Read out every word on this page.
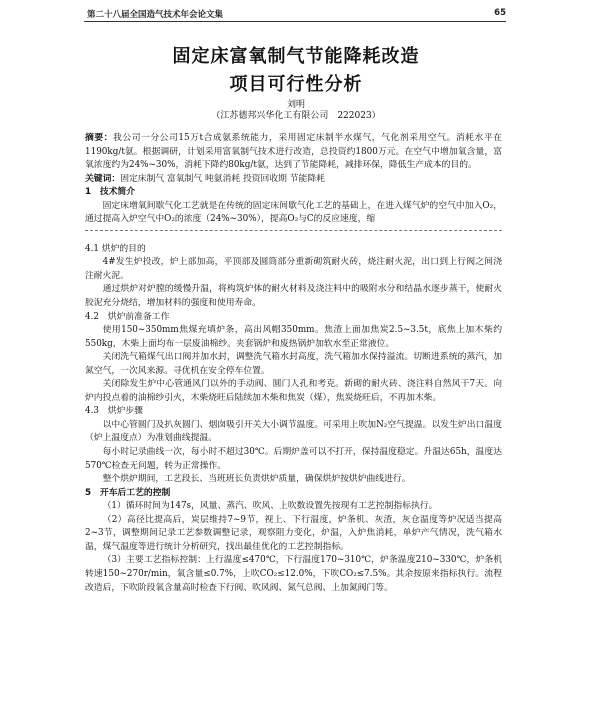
第二十八届全国造气技术年会论文集	65
固定床富氧制气节能降耗改造
项目可行性分析
刘明
（江苏德邦兴华化工有限公司　222023）

摘要：我公司一分公司15万t合成氨系统能力，采用固定床制半水煤气，气化剂采用空气。消耗水平在1190kg/t氨。根据调研，计划采用富氧制气技术进行改造，总投资约1800万元。在空气中增加氧含量，富氧浓度约为24%~30%，消耗下降约80kg/t氨，达到了节能降耗，减排环保，降低生产成本的目的。

关键词：固定床制气 富氧制气 吨氨消耗 投资回收期 节能降耗

1　技术简介

固定床增氧间歇气化工艺就是在传统的固定床间歇气化工艺的基础上，在进入煤气炉的空气中加入O₂，通过提高入炉空气中O₂的浓度（24%~30%），提高O₂与C的反应速度，缩

4.1 烘炉的目的

4#发生炉投改，炉上部加高，平顶部及圆筒部分重新砌筑耐火砖，烧注耐火泥，出口到上行阀之间浇注耐火泥。

通过烘炉对炉膛的缓慢升温，将构筑炉体的耐火材料及浇注料中的吸附水分和结晶水逐步蒸干，使耐火胶泥充分烧结，增加材料的强度和使用寿命。

4.2　烘炉前准备工作

使用150~350mm焦煤充填炉条，高出风帽350mm。焦渣上面加焦炭2.5~3.5t，底焦上加木柴约550kg，木柴上面均布一层废油棉纱。夹套锅炉和废热锅炉加软水至正常液位。

关闭洗气箱煤气出口阀并加水封，调整洗气箱水封高度，洗气箱加水保持溢流。切断进系统的蒸汽，加氮空气，一次风来源。寻优机在安全停车位置。

关闭除发生炉中心管通风门以外的手动阀、圆门人孔和考克。新砌的耐火砖、浇注料自然风干7天。向炉内投点着的油棉纱引火，木柴烧旺后陆续加木柴和焦炭（煤），焦炭烧旺后，不再加木柴。

4.3　烘炉步骤

以中心管圆门及扒灰圆门、烟囱吸引开关大小调节温度。可采用上吹加N₂空气提温。以发生炉出口温度（炉上温度点）为准划曲线提温。

每小时记录曲线一次，每小时不超过30℃。后期炉盖可以不打开，保持温度稳定。升温达65h，温度达570℃检查无问题，转为正常操作。

整个烘炉期间，工艺段长、当班班长负责烘炉质量，确保烘炉按烘炉曲线进行。

5　开车后工艺的控制

（1）循环时间为147s，风量、蒸汽、吹风、上吹数设置先按现有工艺控制指标执行。

（2）高径比提高后，炭层维持7~9节，视上、下行温度，炉条机、灰渣，灰仓温度等炉况适当提高2~3节，调整期间记录工艺参数调整记录，观察阻力变化，炉温，入炉焦消耗，单炉产气情况，洗气箱水温，煤气温度等进行统计分析研究，找出最佳优化的工艺控制指标。

（3）主要工艺指标控制：上行温度≤470℃，下行温度170~310℃，炉条温度210~330℃，炉条机转速150~270r/min，氧含量≤0.7%，上吹CO₂≤12.0%，下吹CO₂≤7.5%。其余按原来指标执行。流程改造后，下吹阶段氧含量高时检查下行阀、吹风阀、氮气总阀、上加氮阀门等。
